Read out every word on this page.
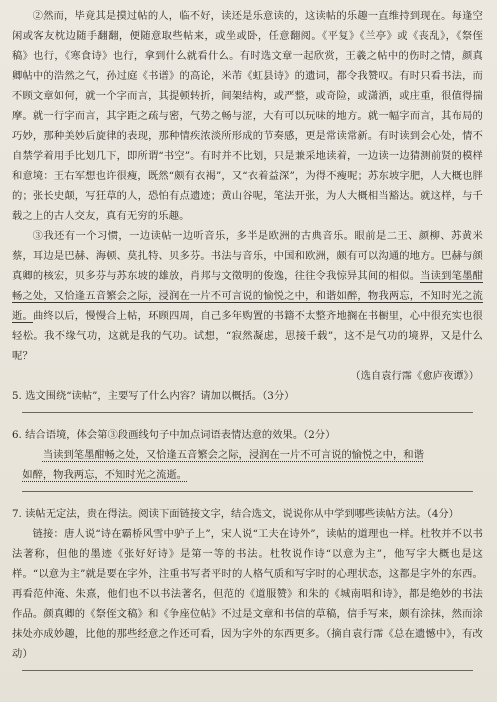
②然而，毕竟其是摸过帖的人，临不好，读还是乐意读的，这读帖的乐趣一直维持到现在。每逢空闲或客友枕边随手翻翻，便随意取些帖来，或坐或卧，任意翻阅。《平复》《兰亭》或《丧乱》，《祭侄稿》也行，《寒食诗》也行，拿到什么就看什么。有时选文章一起欣赏，王羲之帖中的伤时之情，颜真卿帖中的浩然之气，孙过庭《书谱》的高论，米芾《虹县诗》的遗词，都令我赞叹。有时只看书法，而不顾文章如何，就一个字而言，其提顿转折，间架结构，或严整，或奇险，或潇洒，或庄重，很值得揣摩。就一行字而言，其字距之疏与密，气势之畅与涩，大有可以玩味的地方。就一幅字而言，其布局的巧妙，那种美妙后旋律的表现，那种情疾浓淡所形成的节奏感，更是常读常新。有时读到会心处，情不自禁学着用手比划几下，即所谓“书空”。有时并不比划，只是兼采地读着，一边读一边猜测前贤的模样和意境：王右军想也许很瘦，既然“颇有衣褐”，又“衣着益深”，为得不瘦呢；苏东坡字肥，人大概也胖的；张长史颠，写狂草的人，恐怕有点遗迹；黄山谷呢，笔法开张，为人大概相当豁达。就这样，与千载之上的古人交友，真有无穷的乐趣。

③我还有一个习惯，一边读帖一边听音乐，多半是欧洲的古典音乐。眼前是二王、颜柳、苏黄米蔡，耳边是巴赫、海顿、莫扎特、贝多芬。书法与音乐，中国和欧洲，颇有可以沟通的地方。巴赫与颜真卿的核宏，贝多芬与苏东坡的雄放，肖邦与文徵明的俊逸，往往令我惊异其间的相似。当读到笔墨酣畅之处，又恰逢五音繁会之际，浸润在一片不可言说的愉悦之中，和谐如醉，物我两忘，不知时光之流逝。曲终以后，慢慢合上帖，环顾四周，自己多年购置的书籍不太整齐地搁在书橱里，心中很充实也很轻松。我不缘气功，这就是我的气功。试想，“寂然凝虑，思接千载”，这不是气功的境界，又是什么呢？

（选自袁行霈《愈庐夜谭》）

5. 选文围绕“读帖”，主要写了什么内容？请加以概括。（3分）

6. 结合语境，体会第③段画线句子中加点词语表情达意的效果。（2分）

当读到笔墨酣畅之处，又恰逢五音繁会之际，浸润在一片不可言说的愉悦之中，和谐

如醉，物我两忘，不知时光之流逝。

7. 读帖无定法，贵在得法。阅读下面链接文字，结合选文，说说你从中学到哪些读帖方法。（4分）

链接：唐人说“诗在霸桥风雪中驴子上”，宋人说“工夫在诗外”，读帖的道理也一样。杜牧并不以书法著称，但他的墨迹《张好好诗》是第一等的书法。杜牧说作诗“以意为主”，他写字大概也是这样。“以意为主”就是要在字外，注重书写者平时的人格气质和写字时的心理状态，这都是字外的东西。再看范仲淹、朱熹，他们也不以书法著名，但范的《道服赞》和朱的《城南唱和诗》，都是绝妙的书法作品。颜真卿的《祭侄文稿》和《争座位帖》不过是文章和书信的草稿，信手写来，颇有涂抹，然而涂抹处亦成妙趣，比他的那些经意之作还可看，因为字外的东西更多。（摘自袁行霈《总在遗憾中》，有改动）
